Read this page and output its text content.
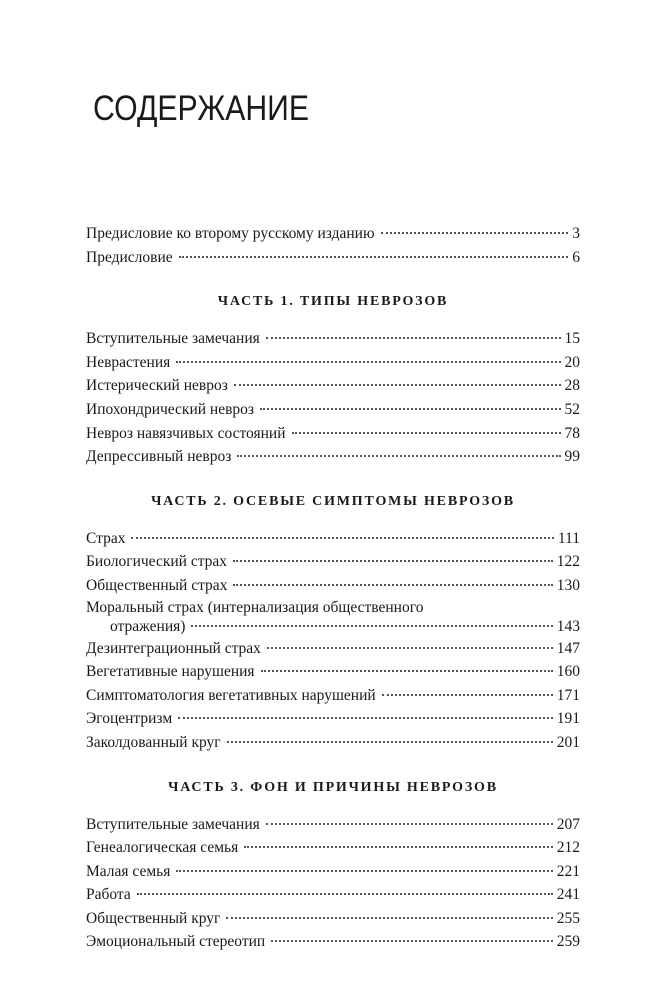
СОДЕРЖАНИЕ
Предисловие ко второму русскому изданию	3
Предисловие	6
ЧАСТЬ 1. ТИПЫ НЕВРОЗОВ
Вступительные замечания	15
Неврастения	20
Истерический невроз	28
Ипохондрический невроз	52
Невроз навязчивых состояний	78
Депрессивный невроз	99
ЧАСТЬ 2. ОСЕВЫЕ СИМПТОМЫ НЕВРОЗОВ
Страх	111
Биологический страх	122
Общественный страх	130
Моральный страх (интернализация общественного
отражения)	143
Дезинтеграционный страх	147
Вегетативные нарушения	160
Симптоматология вегетативных нарушений	171
Эгоцентризм	191
Заколдованный круг	201
ЧАСТЬ 3. ФОН И ПРИЧИНЫ НЕВРОЗОВ
Вступительные замечания	207
Генеалогическая семья	212
Малая семья	221
Работа	241
Общественный круг	255
Эмоциональный стереотип	259
